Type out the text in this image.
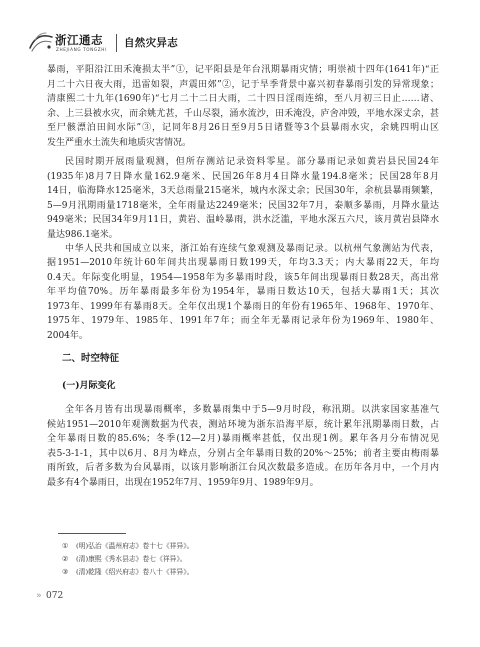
浙江通志
ZHEJIANG TONGZHI
自然灾异志
暴雨，平阳沿江田禾淹损太半”①，记平阳县是年台汛期暴雨灾情；明崇祯十四年(1641年)“正
月二十六日夜大雨，迅雷如裂，声震田郊”②，记于旱季背景中嘉兴初春暴雨引发的异常现象；
清康熙二十九年(1690年)“七月二十二日大雨，二十四日淫雨连绵，至八月初三日止……诸、
余、上三县被水灾，而余姚尤甚，千山尽裂，涌水流沙，田禾淹没，庐舍冲毁，平地水深丈余，甚
至尸骸漂泊田间水际”③，记同年8月26日至9月5日诸暨等3个县暴雨水灾，余姚四明山区
发生严重水土流失和地质灾害情况。
民国时期开展雨量观测，但所存测站记录资料零星。部分暴雨记录如黄岩县民国24年
(1935年)8月7日降水量162.9毫米、民国26年8月4日降水量194.8毫米；民国28年8月
14日，临海降水125毫米，3天总雨量215毫米，城内水深丈余；民国30年，余杭县暴雨频繁，
5—9月汛期雨量1718毫米，全年雨量达2249毫米；民国32年7月，泰顺多暴雨，月降水量达
949毫米；民国34年9月11日，黄岩、温岭暴雨，洪水泛滥，平地水深五六尺，该月黄岩县降水
量达986.1毫米。
中华人民共和国成立以来，浙江始有连续气象观测及暴雨记录。以杭州气象测站为代表，
据1951—2010年统计60年间共出现暴雨日数199天，年均3.3天；内大暴雨22天，年均
0.4天。年际变化明显，1954—1958年为多暴雨时段，该5年间出现暴雨日数28天，高出常
年平均值70%。历年暴雨最多年份为1954年，暴雨日数达10天，包括大暴雨1天；其次
1973年、1999年有暴雨8天。全年仅出现1个暴雨日的年份有1965年、1968年、1970年、
1975年、1979年、1985年、1991年7年；而全年无暴雨记录年份为1969年、1980年、
2004年。
二、时空特征
(一)月际变化
全年各月皆有出现暴雨概率，多数暴雨集中于5—9月时段，称汛期。以洪家国家基准气
候站1951—2010年观测数据为代表，测站环境为浙东沿海平原，统计累年汛期暴雨日数，占
全年暴雨日数的85.6%；冬季(12—2月)暴雨概率甚低，仅出现1例。累年各月分布情况见
表5-3-1-1，其中以6月、8月为峰点，分别占全年暴雨日数的20%～25%；前者主要由梅雨暴
雨所致，后者多数为台风暴雨，以该月影响浙江台风次数最多造成。在历年各月中，一个月内
最多有4个暴雨日，出现在1952年7月、1959年9月、1989年9月。
① (明)弘治《温州府志》卷十七《祥异》。
② (清)康熙《秀水县志》卷七《祥异》。
③ (清)乾隆《绍兴府志》卷八十《祥异》。
» 072
